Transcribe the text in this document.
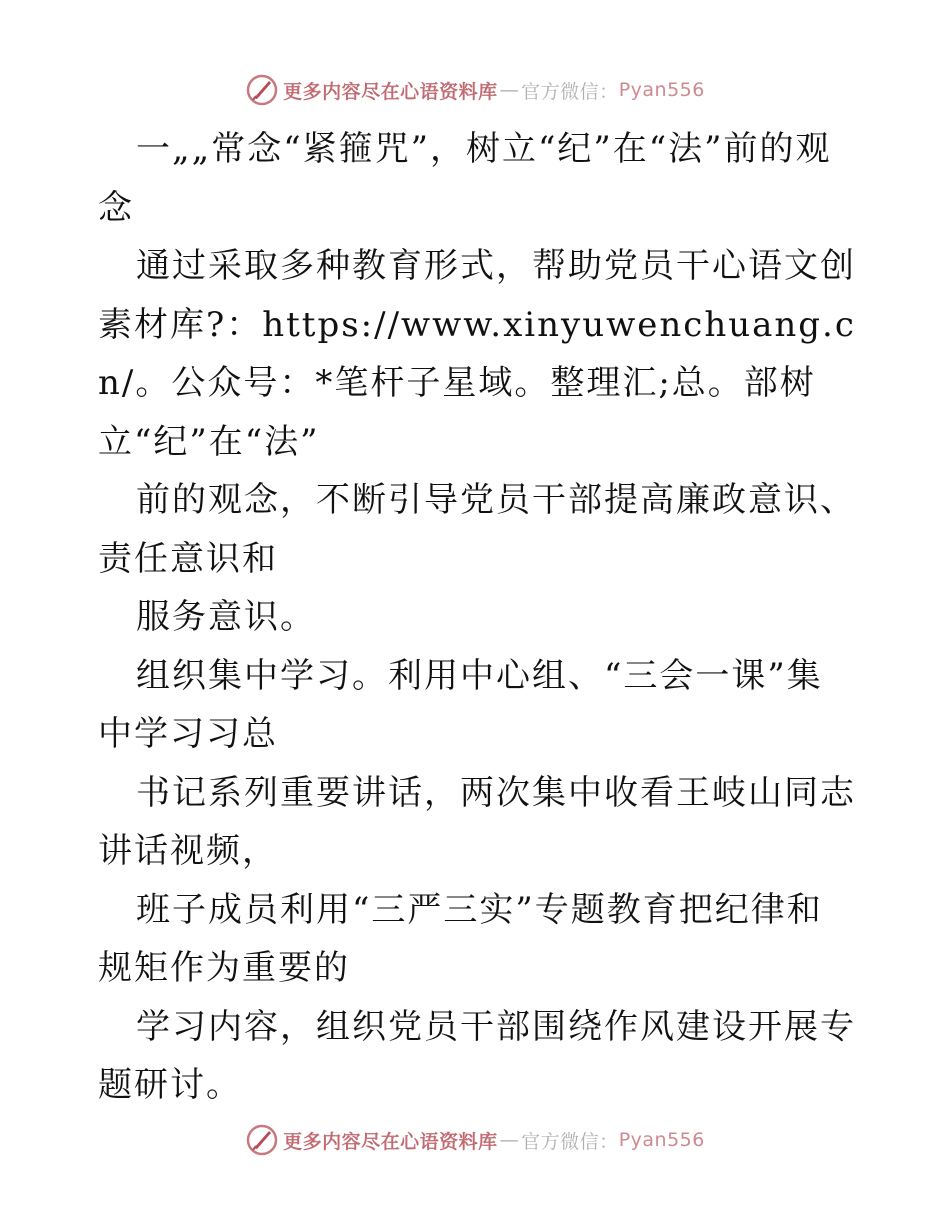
更多内容尽在心语资料库 — 官方微信： Pyan556

一„„常念“紧箍咒”，树立“纪”在“法”前的观念

通过采取多种教育形式，帮助党员干心语文创素材库?：https://www.xinyuwenchuang.cn/。公众号：*笔杆子星域。整理汇;总。部树

立“纪”在“法”

前的观念，不断引导党员干部提高廉政意识、责任意识和

服务意识。

组织集中学习。利用中心组、“三会一课”集中学习习总

书记系列重要讲话，两次集中收看王岐山同志讲话视频，

班子成员利用“三严三实”专题教育把纪律和规矩作为重要的

学习内容，组织党员干部围绕作风建设开展专题研讨。

更多内容尽在心语资料库 — 官方微信： Pyan556
